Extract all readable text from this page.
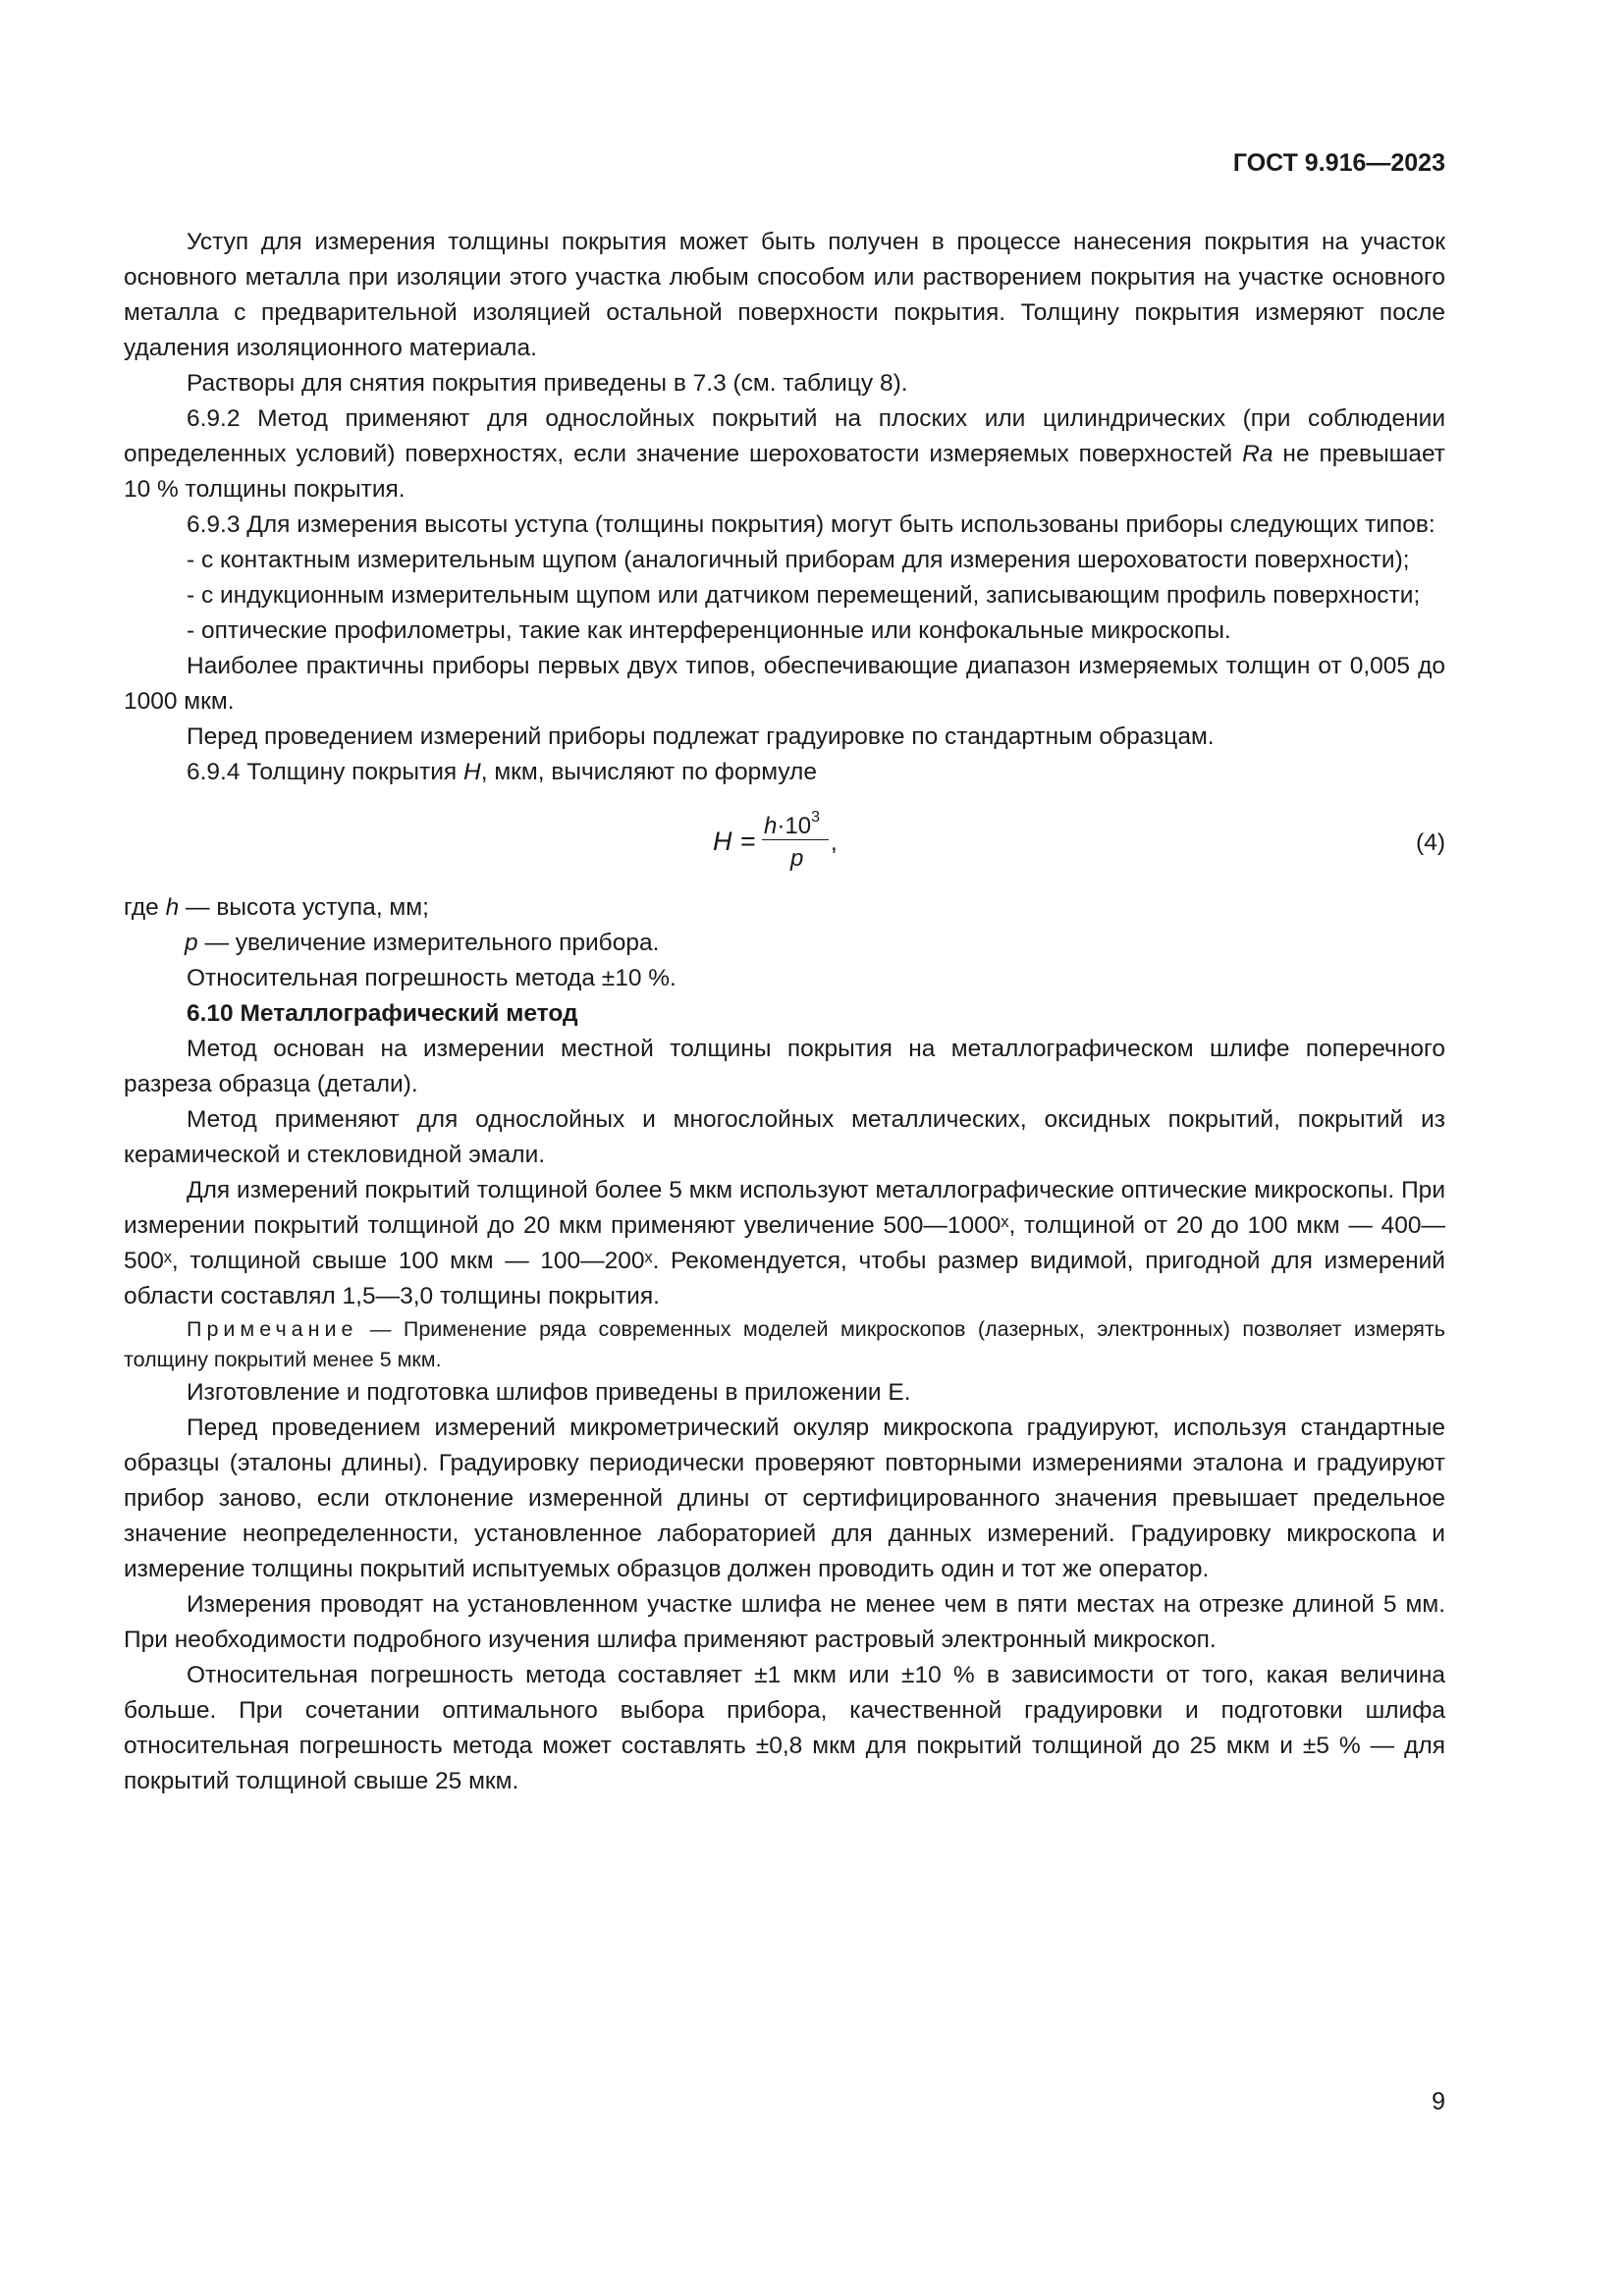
ГОСТ 9.916—2023

Уступ для измерения толщины покрытия может быть получен в процессе нанесения покрытия на участок основного металла при изоляции этого участка любым способом или растворением покрытия на участке основного металла с предварительной изоляцией остальной поверхности покрытия. Толщину покрытия измеряют после удаления изоляционного материала.

Растворы для снятия покрытия приведены в 7.3 (см. таблицу 8).

6.9.2 Метод применяют для однослойных покрытий на плоских или цилиндрических (при соблюдении определенных условий) поверхностях, если значение шероховатости измеряемых поверхностей Ra не превышает 10 % толщины покрытия.

6.9.3 Для измерения высоты уступа (толщины покрытия) могут быть использованы приборы следующих типов:

- с контактным измерительным щупом (аналогичный приборам для измерения шероховатости поверхности);

- с индукционным измерительным щупом или датчиком перемещений, записывающим профиль поверхности;

- оптические профилометры, такие как интерференционные или конфокальные микроскопы.

Наиболее практичны приборы первых двух типов, обеспечивающие диапазон измеряемых толщин от 0,005 до 1000 мкм.

Перед проведением измерений приборы подлежат градуировке по стандартным образцам.

6.9.4 Толщину покрытия H, мкм, вычисляют по формуле

H =
$h\cdot 10^3$
p
,	(4)

где h — высота уступа, мм;

p — увеличение измерительного прибора.

Относительная погрешность метода ±10 %.

6.10 Металлографический метод

Метод основан на измерении местной толщины покрытия на металлографическом шлифе поперечного разреза образца (детали).

Метод применяют для однослойных и многослойных металлических, оксидных покрытий, покрытий из керамической и стекловидной эмали.

Для измерений покрытий толщиной более 5 мкм используют металлографические оптические микроскопы. При измерении покрытий толщиной до 20 мкм применяют увеличение 500—1000ˣ, толщиной от 20 до 100 мкм — 400—500ˣ, толщиной свыше 100 мкм — 100—200ˣ. Рекомендуется, чтобы размер видимой, пригодной для измерений области составлял 1,5—3,0 толщины покрытия.

Примечание — Применение ряда современных моделей микроскопов (лазерных, электронных) позволяет измерять толщину покрытий менее 5 мкм.

Изготовление и подготовка шлифов приведены в приложении Е.

Перед проведением измерений микрометрический окуляр микроскопа градуируют, используя стандартные образцы (эталоны длины). Градуировку периодически проверяют повторными измерениями эталона и градуируют прибор заново, если отклонение измеренной длины от сертифицированного значения превышает предельное значение неопределенности, установленное лабораторией для данных измерений. Градуировку микроскопа и измерение толщины покрытий испытуемых образцов должен проводить один и тот же оператор.

Измерения проводят на установленном участке шлифа не менее чем в пяти местах на отрезке длиной 5 мм. При необходимости подробного изучения шлифа применяют растровый электронный микроскоп.

Относительная погрешность метода составляет ±1 мкм или ±10 % в зависимости от того, какая величина больше. При сочетании оптимального выбора прибора, качественной градуировки и подготовки шлифа относительная погрешность метода может составлять ±0,8 мкм для покрытий толщиной до 25 мкм и ±5 % — для покрытий толщиной свыше 25 мкм.

9
